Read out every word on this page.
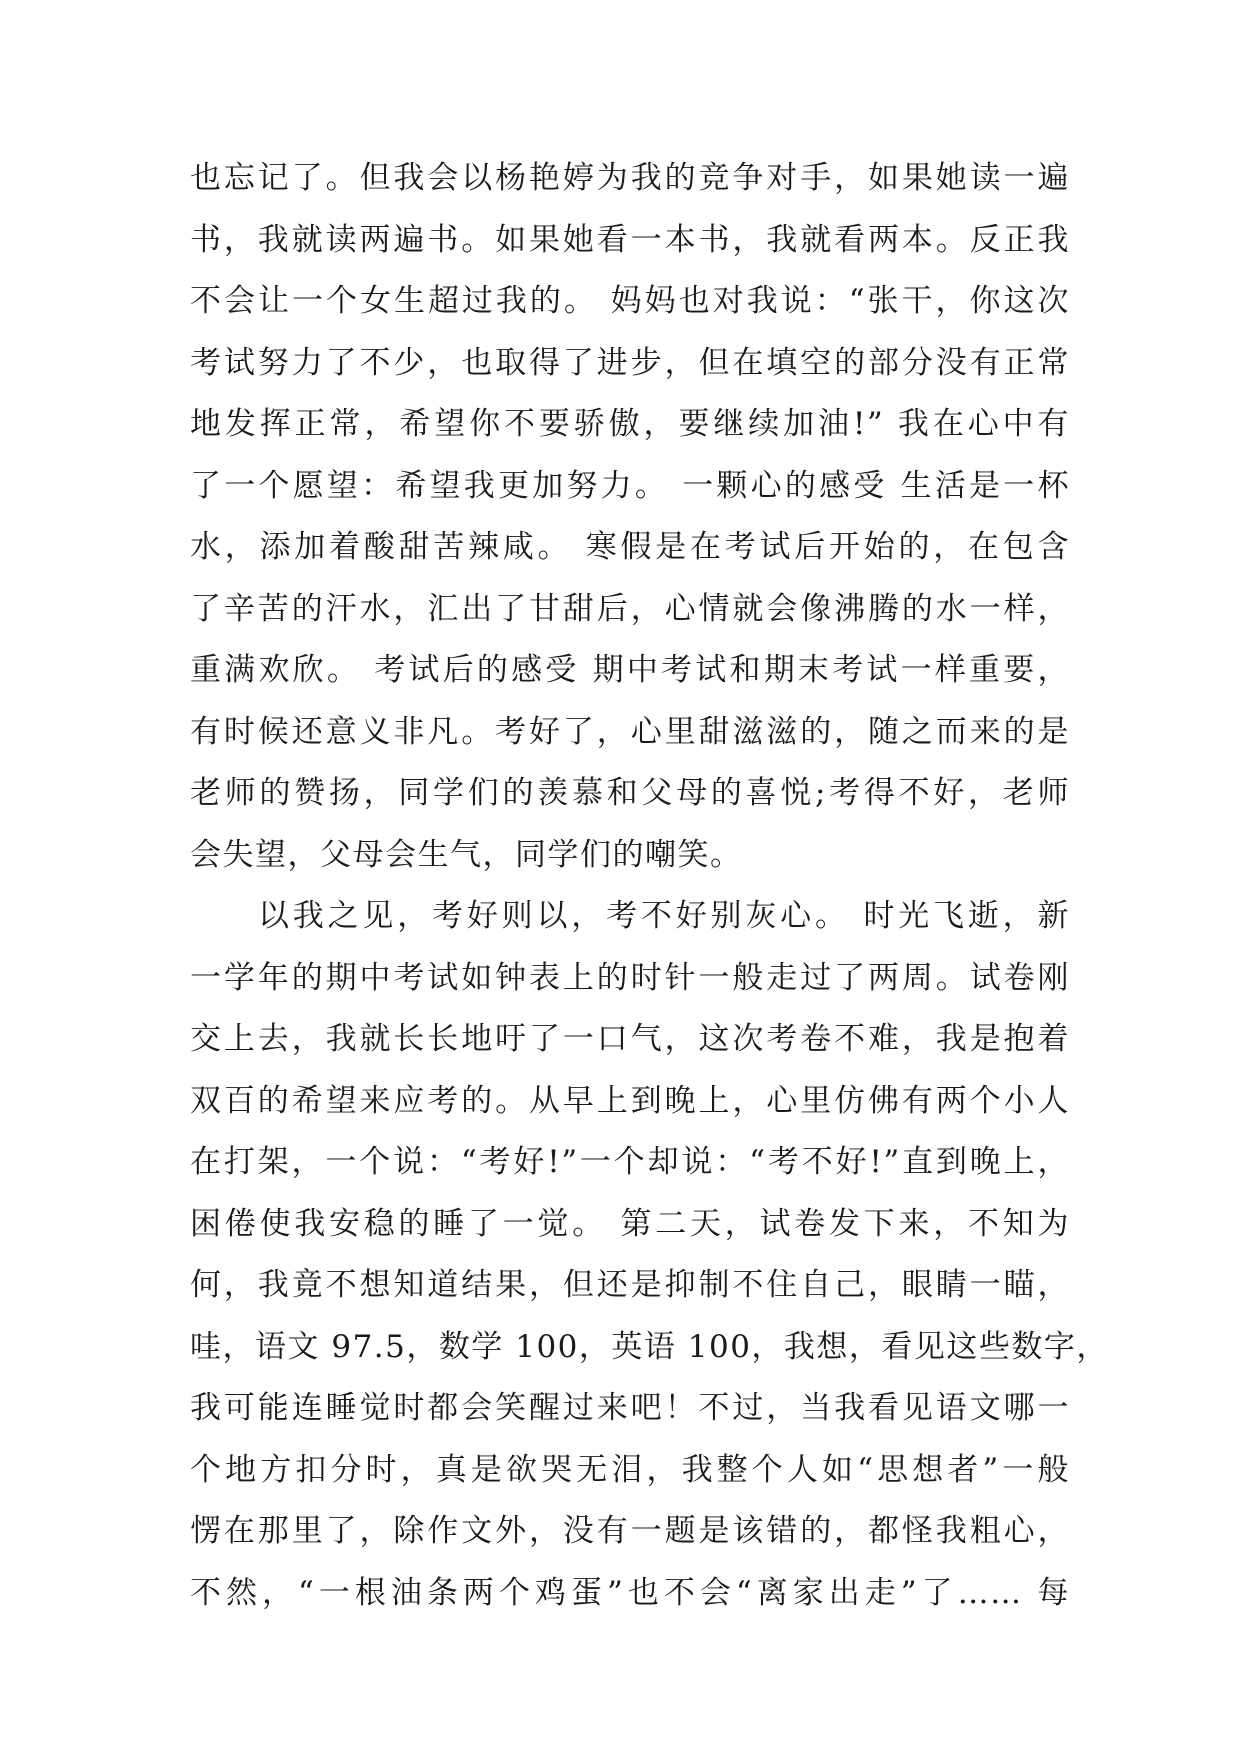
也忘记了。但我会以杨艳婷为我的竞争对手，如果她读一遍
书，我就读两遍书。如果她看一本书，我就看两本。反正我
不会让一个女生超过我的。 妈妈也对我说：“张干，你这次
考试努力了不少，也取得了进步，但在填空的部分没有正常
地发挥正常，希望你不要骄傲，要继续加油!” 我在心中有
了一个愿望：希望我更加努力。 一颗心的感受 生活是一杯
水，添加着酸甜苦辣咸。 寒假是在考试后开始的，在包含
了辛苦的汗水，汇出了甘甜后，心情就会像沸腾的水一样，
重满欢欣。 考试后的感受 期中考试和期末考试一样重要，
有时候还意义非凡。考好了，心里甜滋滋的，随之而来的是
老师的赞扬，同学们的羡慕和父母的喜悦;考得不好，老师
会失望，父母会生气，同学们的嘲笑。
以我之见，考好则以，考不好别灰心。 时光飞逝，新
一学年的期中考试如钟表上的时针一般走过了两周。试卷刚
交上去，我就长长地吁了一口气，这次考卷不难，我是抱着
双百的希望来应考的。从早上到晚上，心里仿佛有两个小人
在打架，一个说：“考好!”一个却说：“考不好!”直到晚上，
困倦使我安稳的睡了一觉。 第二天，试卷发下来，不知为
何，我竟不想知道结果，但还是抑制不住自己，眼睛一瞄，
哇，语文 97.5，数学 100，英语 100，我想，看见这些数字，
我可能连睡觉时都会笑醒过来吧！不过，当我看见语文哪一
个地方扣分时，真是欲哭无泪，我整个人如“思想者”一般
愣在那里了，除作文外，没有一题是该错的，都怪我粗心，
不然，“一根油条两个鸡蛋”也不会“离家出走”了…… 每
